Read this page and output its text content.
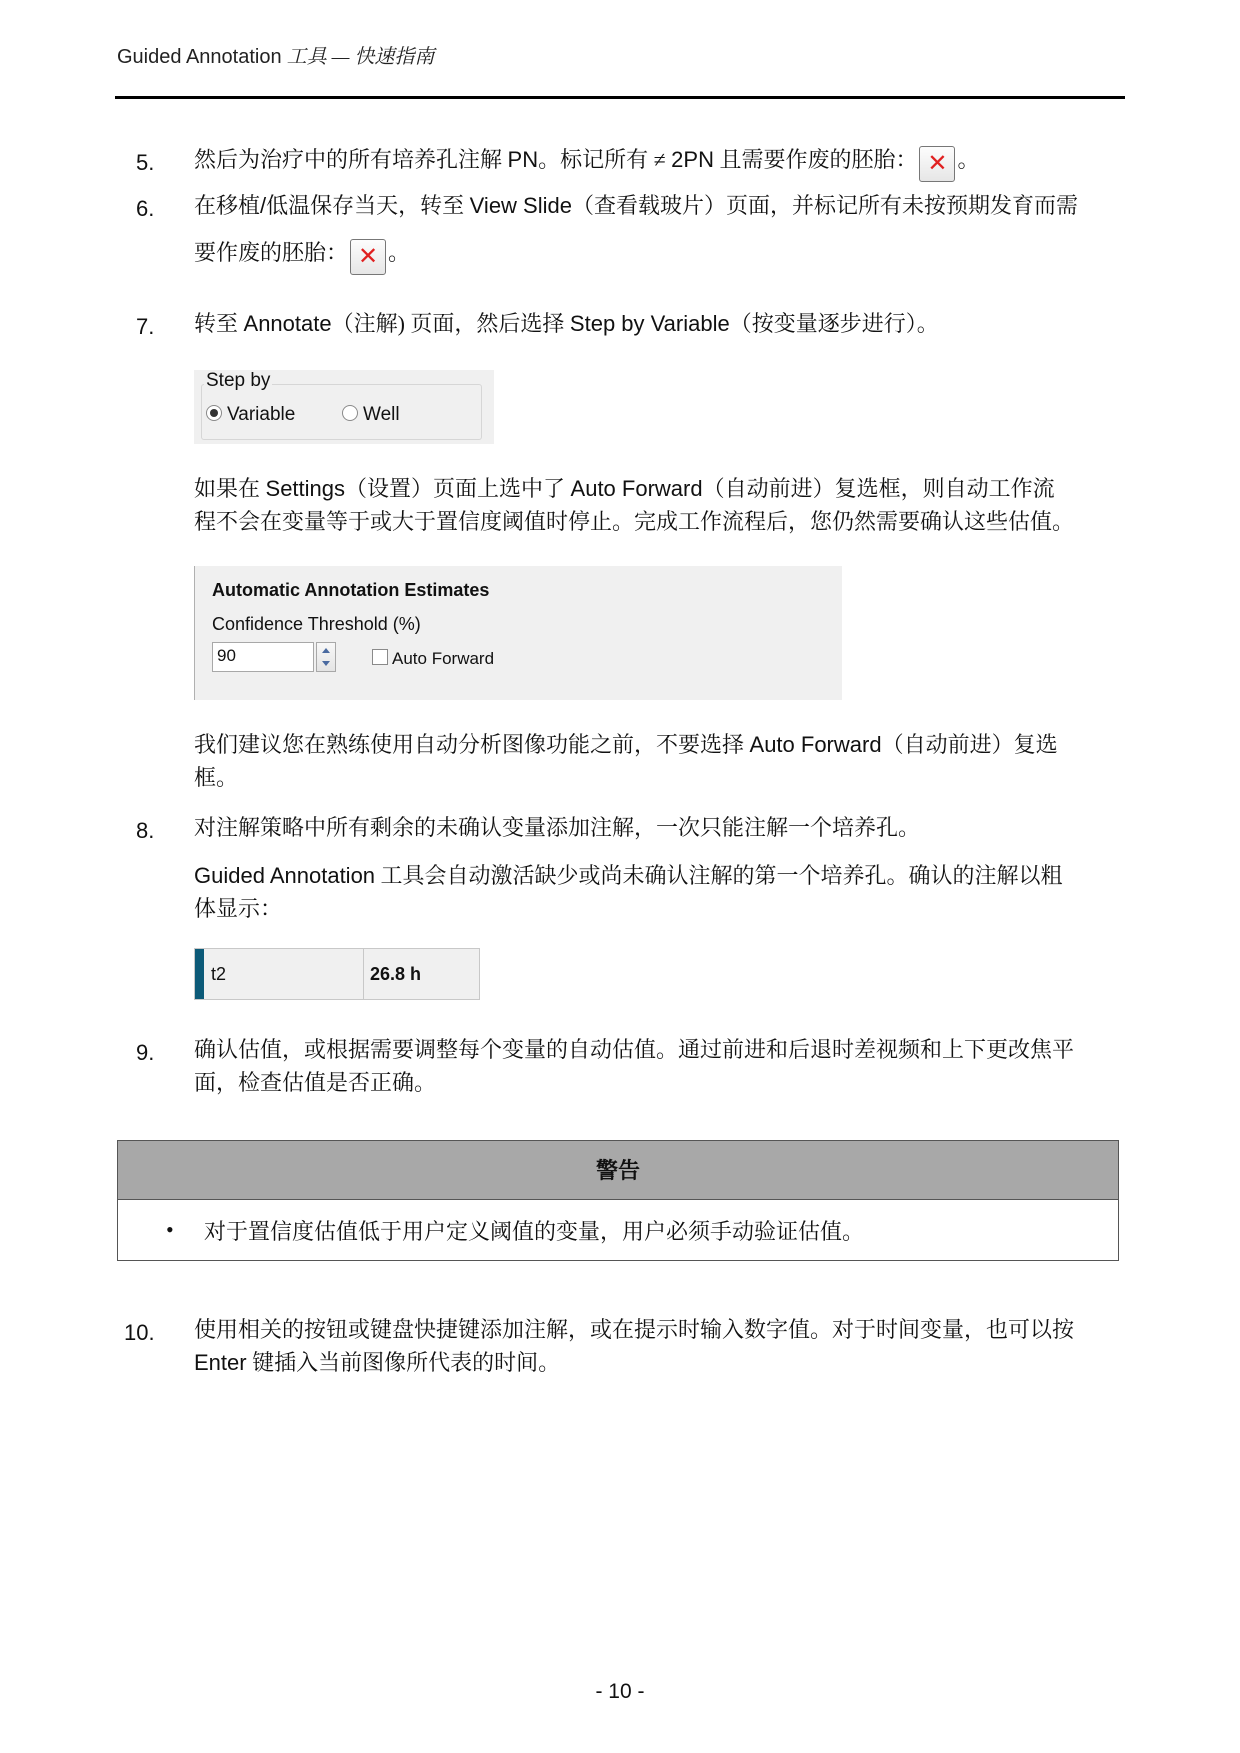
Guided Annotation 工具 — 快速指南
5. 然后为治疗中的所有培养孔注解 PN。标记所有 ≠ 2PN 且需要作废的胚胎： ✕ 。
6. 在移植/低温保存当天，转至 View Slide（查看载玻片）页面，并标记所有未按预期发育而需
要作废的胚胎： ✕ 。
7. 转至 Annotate（注解) 页面，然后选择 Step by Variable（按变量逐步进行）。
Step by
Variable	Well
如果在 Settings（设置）页面上选中了 Auto Forward（自动前进）复选框，则自动工作流
程不会在变量等于或大于置信度阈值时停止。完成工作流程后，您仍然需要确认这些估值。
Automatic Annotation Estimates
Confidence Threshold (%)
90	Auto Forward
我们建议您在熟练使用自动分析图像功能之前，不要选择 Auto Forward（自动前进）复选
框。
8. 对注解策略中所有剩余的未确认变量添加注解，一次只能注解一个培养孔。
Guided Annotation 工具会自动激活缺少或尚未确认注解的第一个培养孔。确认的注解以粗
体显示：
t2	26.8 h
9. 确认估值，或根据需要调整每个变量的自动估值。通过前进和后退时差视频和上下更改焦平
面，检查估值是否正确。
警告
• 对于置信度估值低于用户定义阈值的变量，用户必须手动验证估值。
10. 使用相关的按钮或键盘快捷键添加注解，或在提示时输入数字值。对于时间变量，也可以按
Enter 键插入当前图像所代表的时间。
- 10 -
